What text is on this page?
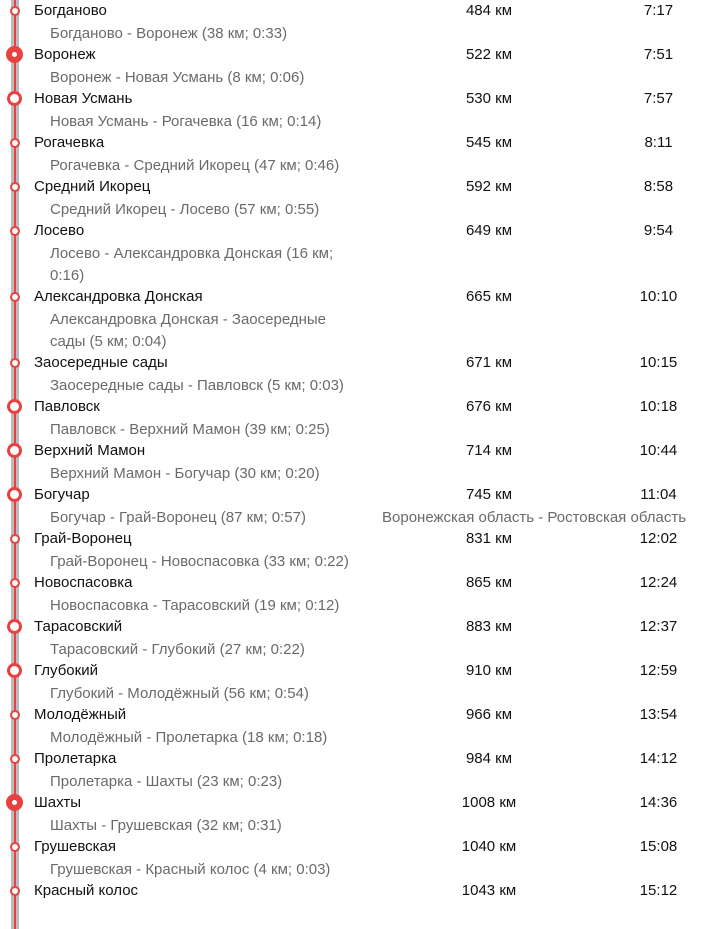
Богданово	484 км	7:17
Богданово - Воронеж (38 км; 0:33)
Воронеж	522 км	7:51
Воронеж - Новая Усмань (8 км; 0:06)
Новая Усмань	530 км	7:57
Новая Усмань - Рогачевка (16 км; 0:14)
Рогачевка	545 км	8:11
Рогачевка - Средний Икорец (47 км; 0:46)
Средний Икорец	592 км	8:58
Средний Икорец - Лосево (57 км; 0:55)
Лосево	649 км	9:54
Лосево - Александровка Донская (16 км; 0:16)
Александровка Донская	665 км	10:10
Александровка Донская - Заосередные сады (5 км; 0:04)
Заосередные сады	671 км	10:15
Заосередные сады - Павловск (5 км; 0:03)
Павловск	676 км	10:18
Павловск - Верхний Мамон (39 км; 0:25)
Верхний Мамон	714 км	10:44
Верхний Мамон - Богучар (30 км; 0:20)
Богучар	745 км	11:04
Богучар - Грай-Воронец (87 км; 0:57)	Воронежская область - Ростовская область
Грай-Воронец	831 км	12:02
Грай-Воронец - Новоспасовка (33 км; 0:22)
Новоспасовка	865 км	12:24
Новоспасовка - Тарасовский (19 км; 0:12)
Тарасовский	883 км	12:37
Тарасовский - Глубокий (27 км; 0:22)
Глубокий	910 км	12:59
Глубокий - Молодёжный (56 км; 0:54)
Молодёжный	966 км	13:54
Молодёжный - Пролетарка (18 км; 0:18)
Пролетарка	984 км	14:12
Пролетарка - Шахты (23 км; 0:23)
Шахты	1008 км	14:36
Шахты - Грушевская (32 км; 0:31)
Грушевская	1040 км	15:08
Грушевская - Красный колос (4 км; 0:03)
Красный колос	1043 км	15:12
